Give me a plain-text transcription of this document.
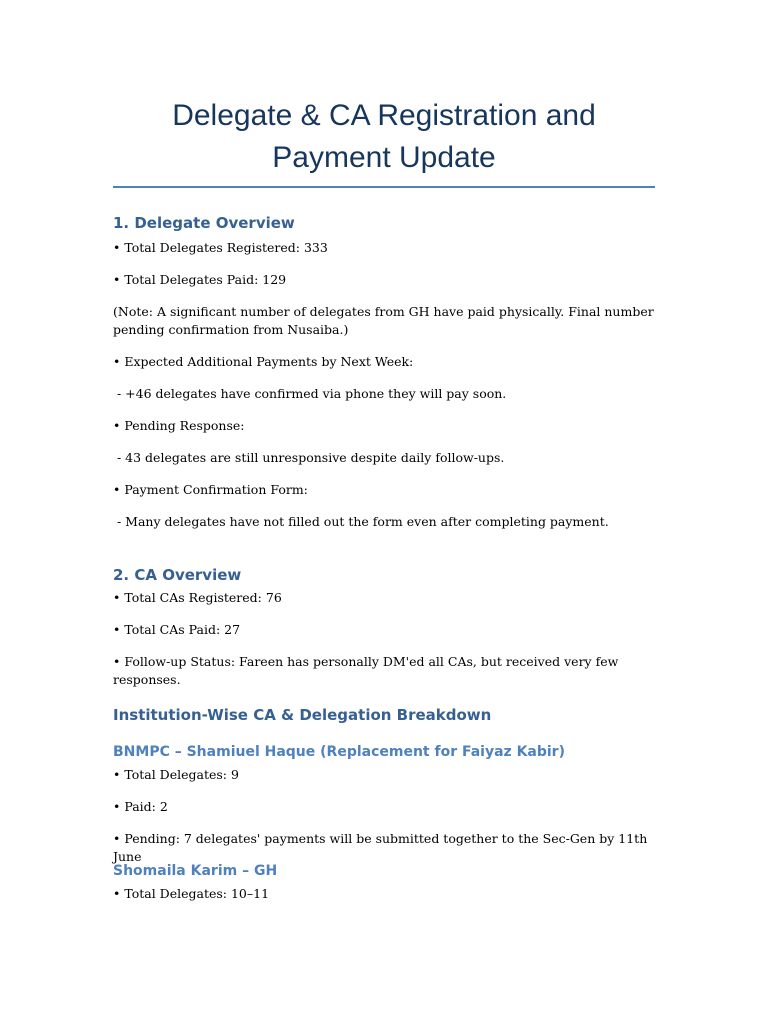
Delegate & CA Registration and
Payment Update
1. Delegate Overview
• Total Delegates Registered: 333
• Total Delegates Paid: 129
(Note: A significant number of delegates from GH have paid physically. Final number pending confirmation from Nusaiba.)
• Expected Additional Payments by Next Week:
- +46 delegates have confirmed via phone they will pay soon.
• Pending Response:
- 43 delegates are still unresponsive despite daily follow-ups.
• Payment Confirmation Form:
- Many delegates have not filled out the form even after completing payment.
2. CA Overview
• Total CAs Registered: 76
• Total CAs Paid: 27
• Follow-up Status: Fareen has personally DM'ed all CAs, but received very few responses.
Institution-Wise CA & Delegation Breakdown
BNMPC – Shamiuel Haque (Replacement for Faiyaz Kabir)
• Total Delegates: 9
• Paid: 2
• Pending: 7 delegates' payments will be submitted together to the Sec-Gen by 11th June
Shomaila Karim – GH
• Total Delegates: 10–11
